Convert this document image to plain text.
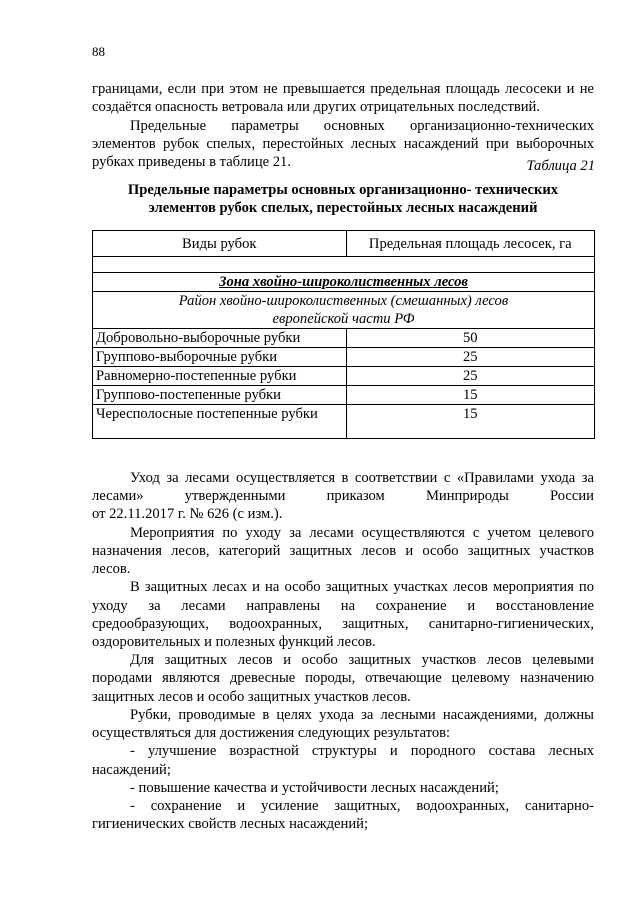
88
границами, если при этом не превышается предельная площадь лесосеки и не
создаётся опасность ветровала или других отрицательных последствий.
Предельные параметры основных организационно-технических
элементов рубок спелых, перестойных лесных насаждений при выборочных
рубках приведены в таблице 21.	Таблица 21
Предельные параметры основных организационно- технических
элементов рубок спелых, перестойных лесных насаждений
Виды рубок	Предельная площадь лесосек, га

Зона хвойно-широколиственных лесов	

Район хвойно-широколиственных (смешанных) лесов
европейской части РФ	

Добровольно-выборочные рубки	50
Группово-выборочные рубки	25
Равномерно-постепенные рубки	25
Группово-постепенные рубки	15
Чересполосные постепенные рубки	15
Уход за лесами осуществляется в соответствии с «Правилами ухода за
лесами» утвержденными приказом Минприроды России
от 22.11.2017 г. № 626 (с изм.).
Мероприятия по уходу за лесами осуществляются с учетом целевого
назначения лесов, категорий защитных лесов и особо защитных участков
лесов.
В защитных лесах и на особо защитных участках лесов мероприятия по
уходу за лесами направлены на сохранение и восстановление
средообразующих, водоохранных, защитных, санитарно-гигиенических,
оздоровительных и полезных функций лесов.
Для защитных лесов и особо защитных участков лесов целевыми
породами являются древесные породы, отвечающие целевому назначению
защитных лесов и особо защитных участков лесов.
Рубки, проводимые в целях ухода за лесными насаждениями, должны
осуществляться для достижения следующих результатов:
- улучшение возрастной структуры и породного состава лесных
насаждений;
- повышение качества и устойчивости лесных насаждений;
- сохранение и усиление защитных, водоохранных, санитарно-
гигиенических свойств лесных насаждений;
